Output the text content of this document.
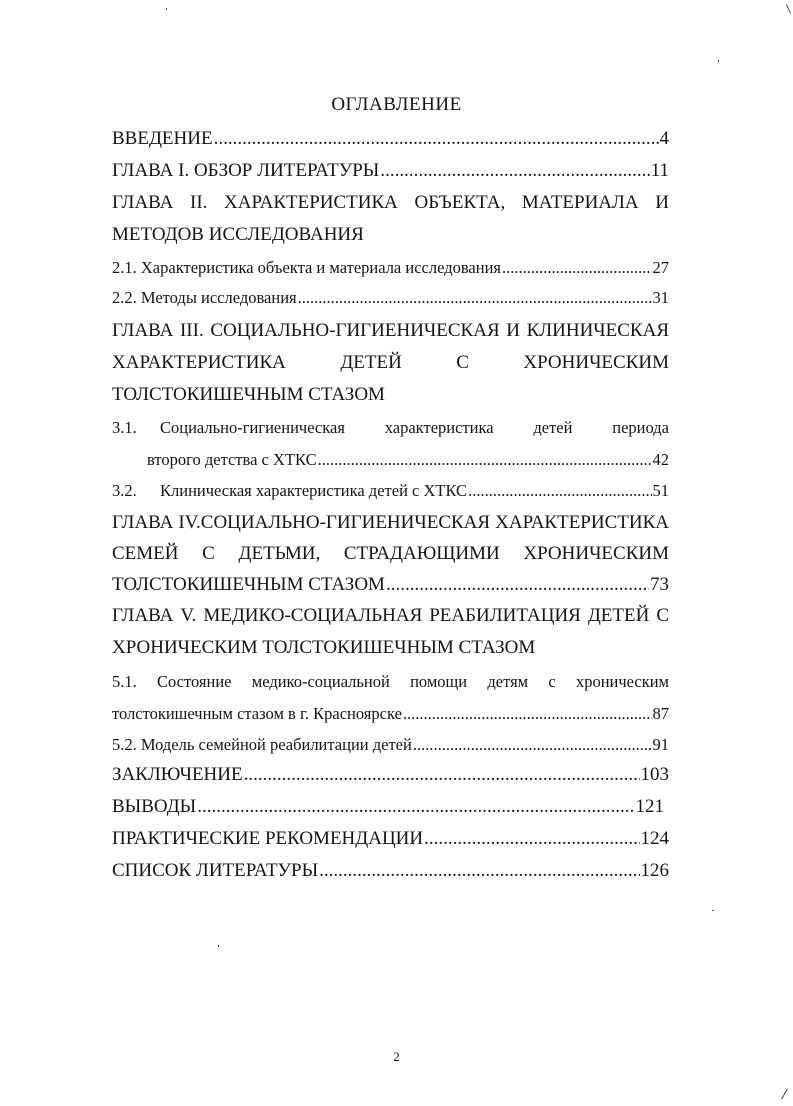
ОГЛАВЛЕНИЕ
ВВЕДЕНИЕ .....	4
ГЛАВА I. ОБЗОР ЛИТЕРАТУРЫ .....	11
ГЛАВА II. ХАРАКТЕРИСТИКА ОБЪЕКТА, МАТЕРИАЛА И
МЕТОДОВ ИССЛЕДОВАНИЯ
2.1. Характеристика объекта и материала исследования .....	27
2.2. Методы исследования .....	31
ГЛАВА III. СОЦИАЛЬНО-ГИГИЕНИЧЕСКАЯ И КЛИНИЧЕСКАЯ
ХАРАКТЕРИСТИКА ДЕТЕЙ С ХРОНИЧЕСКИМ
ТОЛСТОКИШЕЧНЫМ СТАЗОМ
3.1. Социально-гигиеническая характеристика детей периода
второго детства с ХТКС .....	42
3.2. Клиническая характеристика детей с ХТКС .....	51
ГЛАВА IV.СОЦИАЛЬНО-ГИГИЕНИЧЕСКАЯ ХАРАКТЕРИСТИКА
СЕМЕЙ С ДЕТЬМИ, СТРАДАЮЩИМИ ХРОНИЧЕСКИМ
ТОЛСТОКИШЕЧНЫМ СТАЗОМ .....	73
ГЛАВА V. МЕДИКО-СОЦИАЛЬНАЯ РЕАБИЛИТАЦИЯ ДЕТЕЙ С
ХРОНИЧЕСКИМ ТОЛСТОКИШЕЧНЫМ СТАЗОМ
5.1. Состояние медико-социальной помощи детям с хроническим
толстокишечным стазом в г. Красноярске .....	87
5.2. Модель семейной реабилитации детей .....	91
ЗАКЛЮЧЕНИЕ .....	103
ВЫВОДЫ .....	121
ПРАКТИЧЕСКИЕ РЕКОМЕНДАЦИИ .....	124
СПИСОК ЛИТЕРАТУРЫ .....	126
2
